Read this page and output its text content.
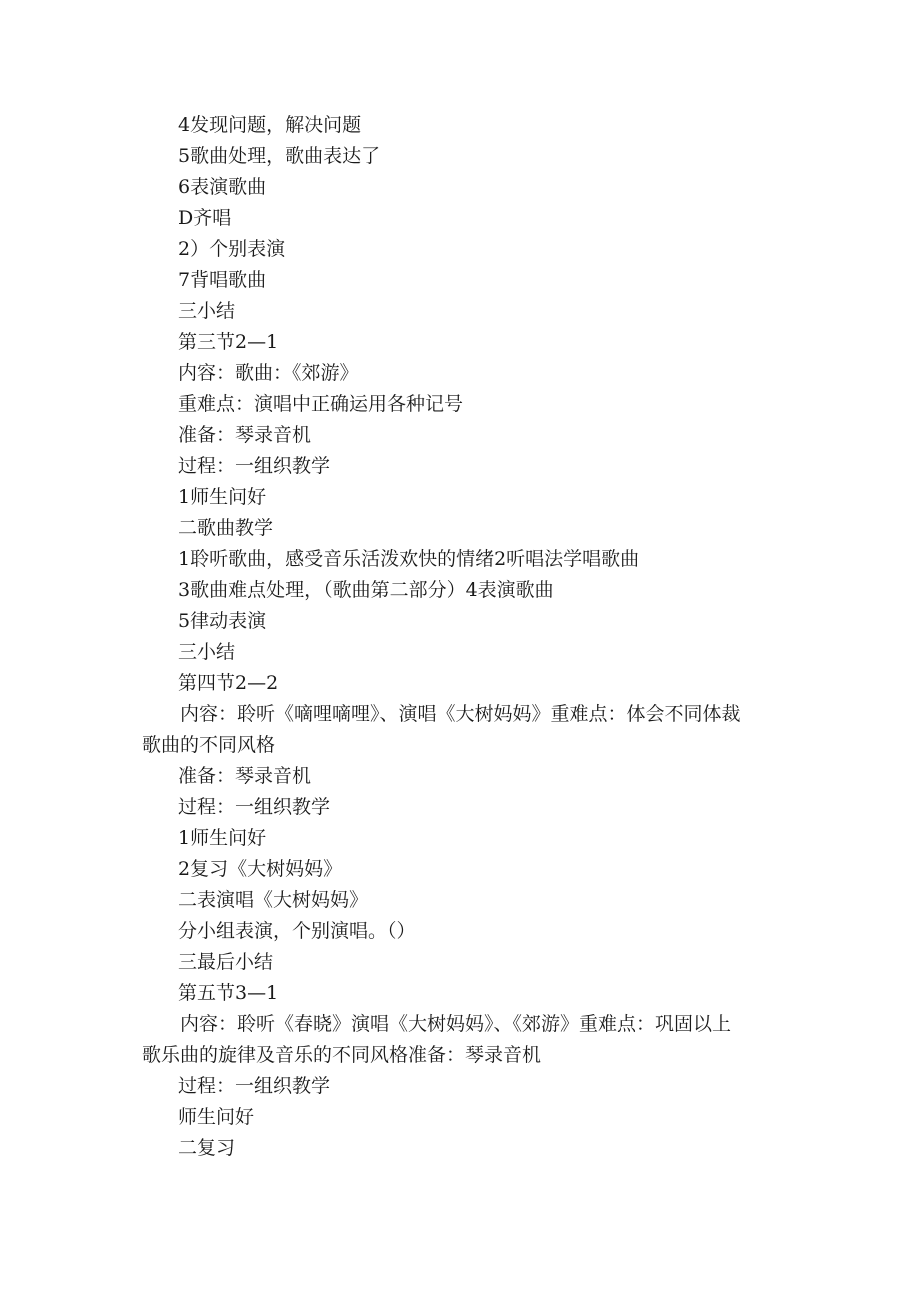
4发现问题，解决问题
5歌曲处理，歌曲表达了
6表演歌曲
D齐唱
2）个别表演
7背唱歌曲
三小结
第三节2—1
内容：歌曲：《郊游》
重难点：演唱中正确运用各种记号
准备：琴录音机
过程：一组织教学
1师生问好
二歌曲教学
1聆听歌曲，感受音乐活泼欢快的情绪2听唱法学唱歌曲
3歌曲难点处理，（歌曲第二部分）4表演歌曲
5律动表演
三小结
第四节2—2
内容：聆听《嘀哩嘀哩》、演唱《大树妈妈》重难点：体会不同体裁
歌曲的不同风格
准备：琴录音机
过程：一组织教学
1师生问好
2复习《大树妈妈》
二表演唱《大树妈妈》
分小组表演，个别演唱。（）
三最后小结
第五节3—1
内容：聆听《春晓》演唱《大树妈妈》、《郊游》重难点：巩固以上
歌乐曲的旋律及音乐的不同风格准备：琴录音机
过程：一组织教学
师生问好
二复习
